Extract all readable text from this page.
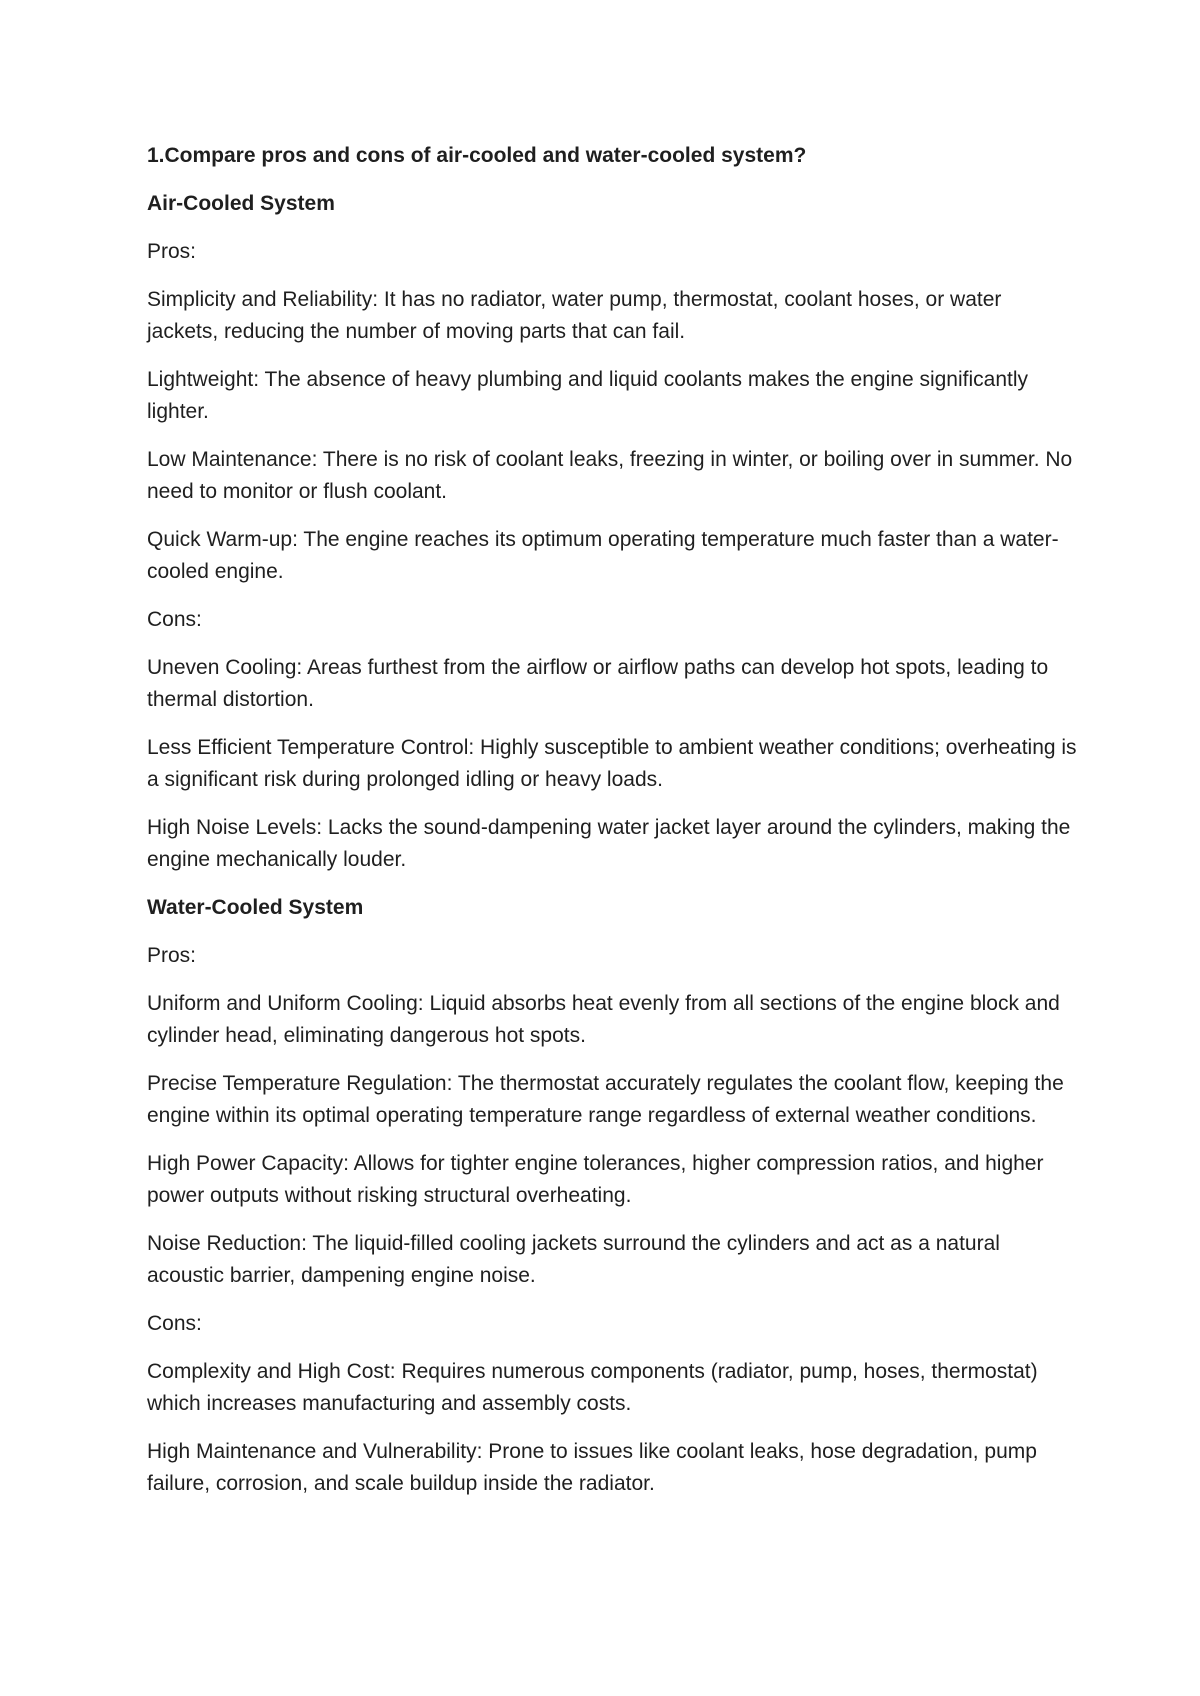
1.Compare pros and cons of air-cooled and water-cooled system?

Air-Cooled System

Pros:

Simplicity and Reliability: It has no radiator, water pump, thermostat, coolant hoses, or water jackets, reducing the number of moving parts that can fail.

Lightweight: The absence of heavy plumbing and liquid coolants makes the engine significantly lighter.

Low Maintenance: There is no risk of coolant leaks, freezing in winter, or boiling over in summer. No need to monitor or flush coolant.

Quick Warm-up: The engine reaches its optimum operating temperature much faster than a water-cooled engine.

Cons:

Uneven Cooling: Areas furthest from the airflow or airflow paths can develop hot spots, leading to thermal distortion.

Less Efficient Temperature Control: Highly susceptible to ambient weather conditions; overheating is a significant risk during prolonged idling or heavy loads.

High Noise Levels: Lacks the sound-dampening water jacket layer around the cylinders, making the engine mechanically louder.

Water-Cooled System

Pros:

Uniform and Uniform Cooling: Liquid absorbs heat evenly from all sections of the engine block and cylinder head, eliminating dangerous hot spots.

Precise Temperature Regulation: The thermostat accurately regulates the coolant flow, keeping the engine within its optimal operating temperature range regardless of external weather conditions.

High Power Capacity: Allows for tighter engine tolerances, higher compression ratios, and higher power outputs without risking structural overheating.

Noise Reduction: The liquid-filled cooling jackets surround the cylinders and act as a natural acoustic barrier, dampening engine noise.

Cons:

Complexity and High Cost: Requires numerous components (radiator, pump, hoses, thermostat) which increases manufacturing and assembly costs.

High Maintenance and Vulnerability: Prone to issues like coolant leaks, hose degradation, pump failure, corrosion, and scale buildup inside the radiator.
